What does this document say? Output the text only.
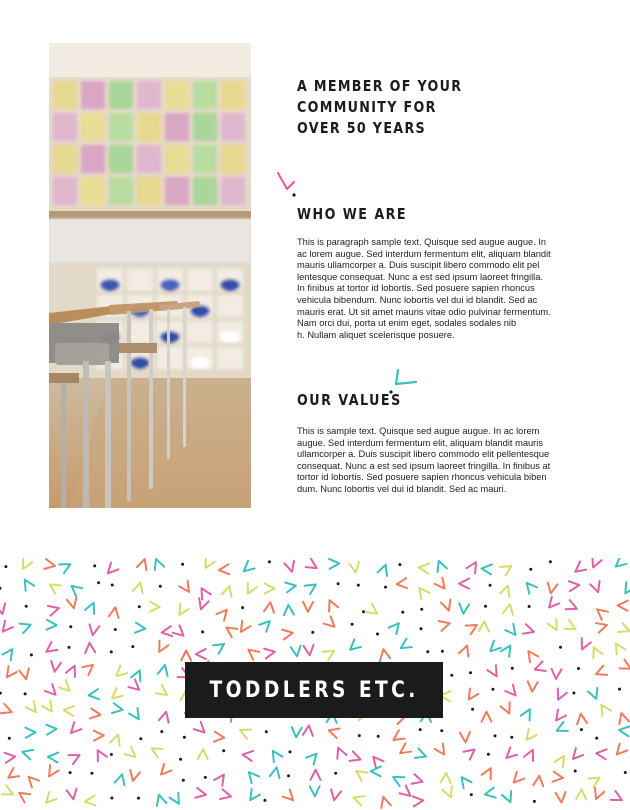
A MEMBER OF YOUR
COMMUNITY FOR
OVER 50 YEARS
WHO WE ARE

This is paragraph sample text. Quisque sed augue augue. In
ac lorem augue. Sed interdum fermentum elit, aliquam blandit
mauris ullamcorper a. Duis suscipit libero commodo elit pel
lentesque consequat. Nunc a est sed ipsum laoreet fringilla.
In finibus at tortor id lobortis. Sed posuere sapien rhoncus
vehicula bibendum. Nunc lobortis vel dui id blandit. Sed ac
mauris erat. Ut sit amet mauris vitae odio pulvinar fermentum.
Nam orci dui, porta ut enim eget, sodales sodales nib
h. Nullam aliquet scelerisque posuere.

OUR VALUES

This is sample text. Quisque sed augue augue. In ac lorem
augue. Sed interdum fermentum elit, aliquam blandit mauris
ullamcorper a. Duis suscipit libero commodo elit pellentesque
consequat. Nunc a est sed ipsum laoreet fringilla. In finibus at
tortor id lobortis. Sed posuere sapien rhoncus vehicula biben
dum. Nunc lobortis vel dui id blandit. Sed ac mauri.

TODDLERS ETC.
